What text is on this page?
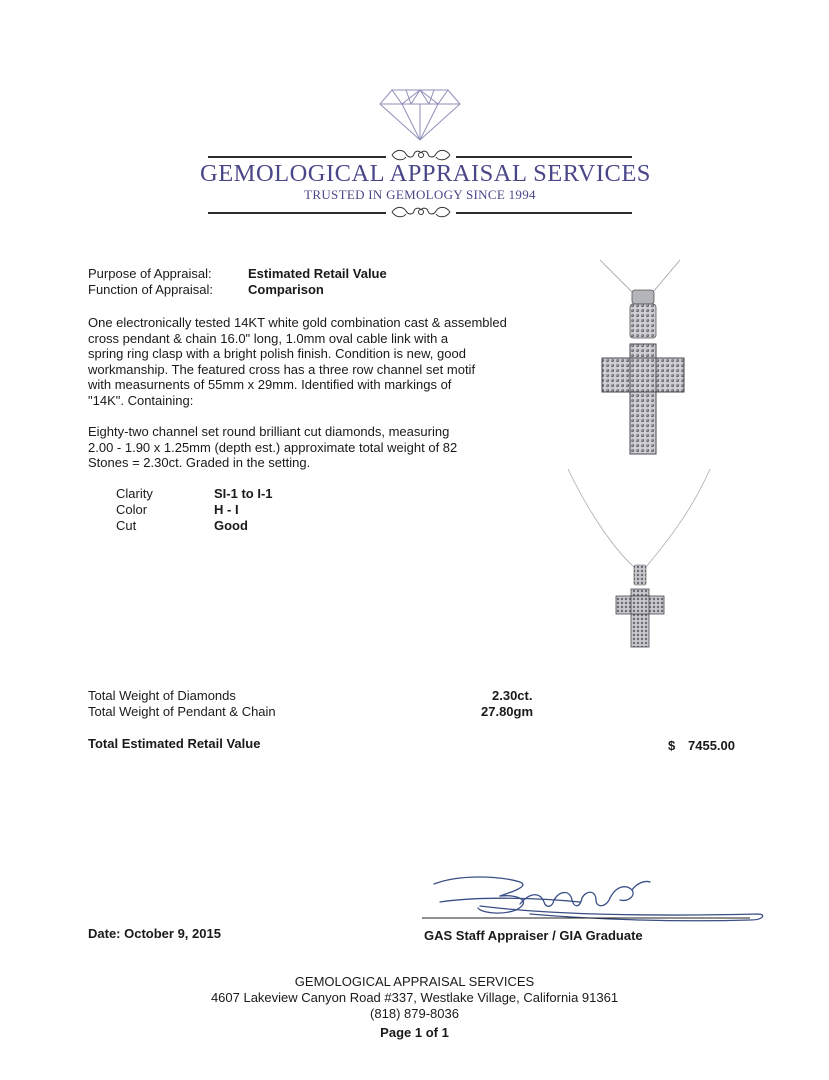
GEMOLOGICAL APPRAISAL SERVICES
TRUSTED IN GEMOLOGY SINCE 1994
Purpose of Appraisal:	Estimated Retail Value
Function of Appraisal:	Comparison
One electronically tested 14KT white gold combination cast & assembled
cross pendant & chain 16.0" long, 1.0mm oval cable link with a
spring ring clasp with a bright polish finish. Condition is new, good
workmanship. The featured cross has a three row channel set motif
with measurnents of 55mm x 29mm. Identified with markings of
"14K". Containing:
Eighty-two channel set round brilliant cut diamonds, measuring
2.00 - 1.90 x 1.25mm (depth est.) approximate total weight of 82
Stones = 2.30ct. Graded in the setting.
Clarity	SI-1 to I-1
Color	H - I
Cut	Good
Total Weight of Diamonds	2.30ct.
Total Weight of Pendant & Chain	27.80gm
Total Estimated Retail Value	$ 7455.00
Date: October 9, 2015	GAS Staff Appraiser / GIA Graduate
GEMOLOGICAL APPRAISAL SERVICES
4607 Lakeview Canyon Road #337, Westlake Village, California 91361
(818) 879-8036
Page 1 of 1
